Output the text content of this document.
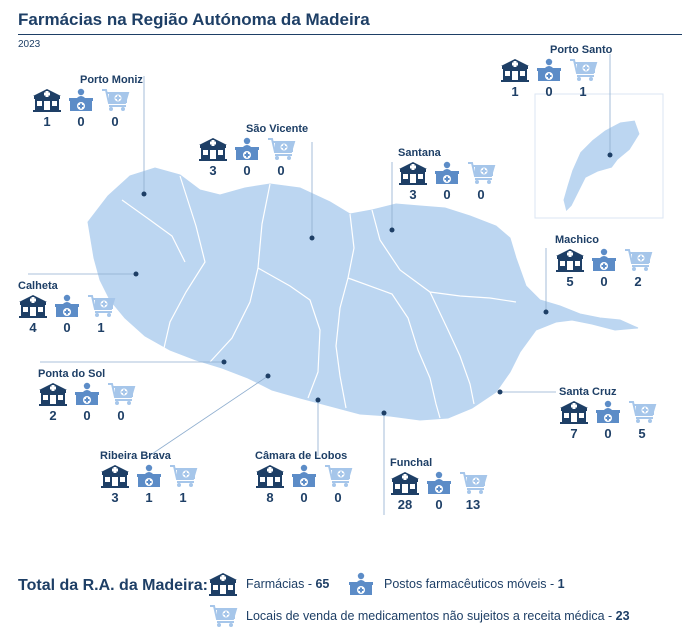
Farmácias na Região Autónoma da Madeira
2023
Porto Moniz
1	0	0	São Vicente
3	0	0
Santana
3	0	0
Porto Santo
1	0	1
Machico
5	0	2
Calheta
4	0	1
Ponta do Sol
2	0	0
Santa Cruz
7	0	5
Ribeira Brava
3	1	1
Câmara de Lobos
8	0	0
Funchal
28	0	13
Total da R.A. da Madeira:	Farmácias - 65	Postos farmacêuticos móveis - 1
Locais de venda de medicamentos não sujeitos a receita médica - 23
